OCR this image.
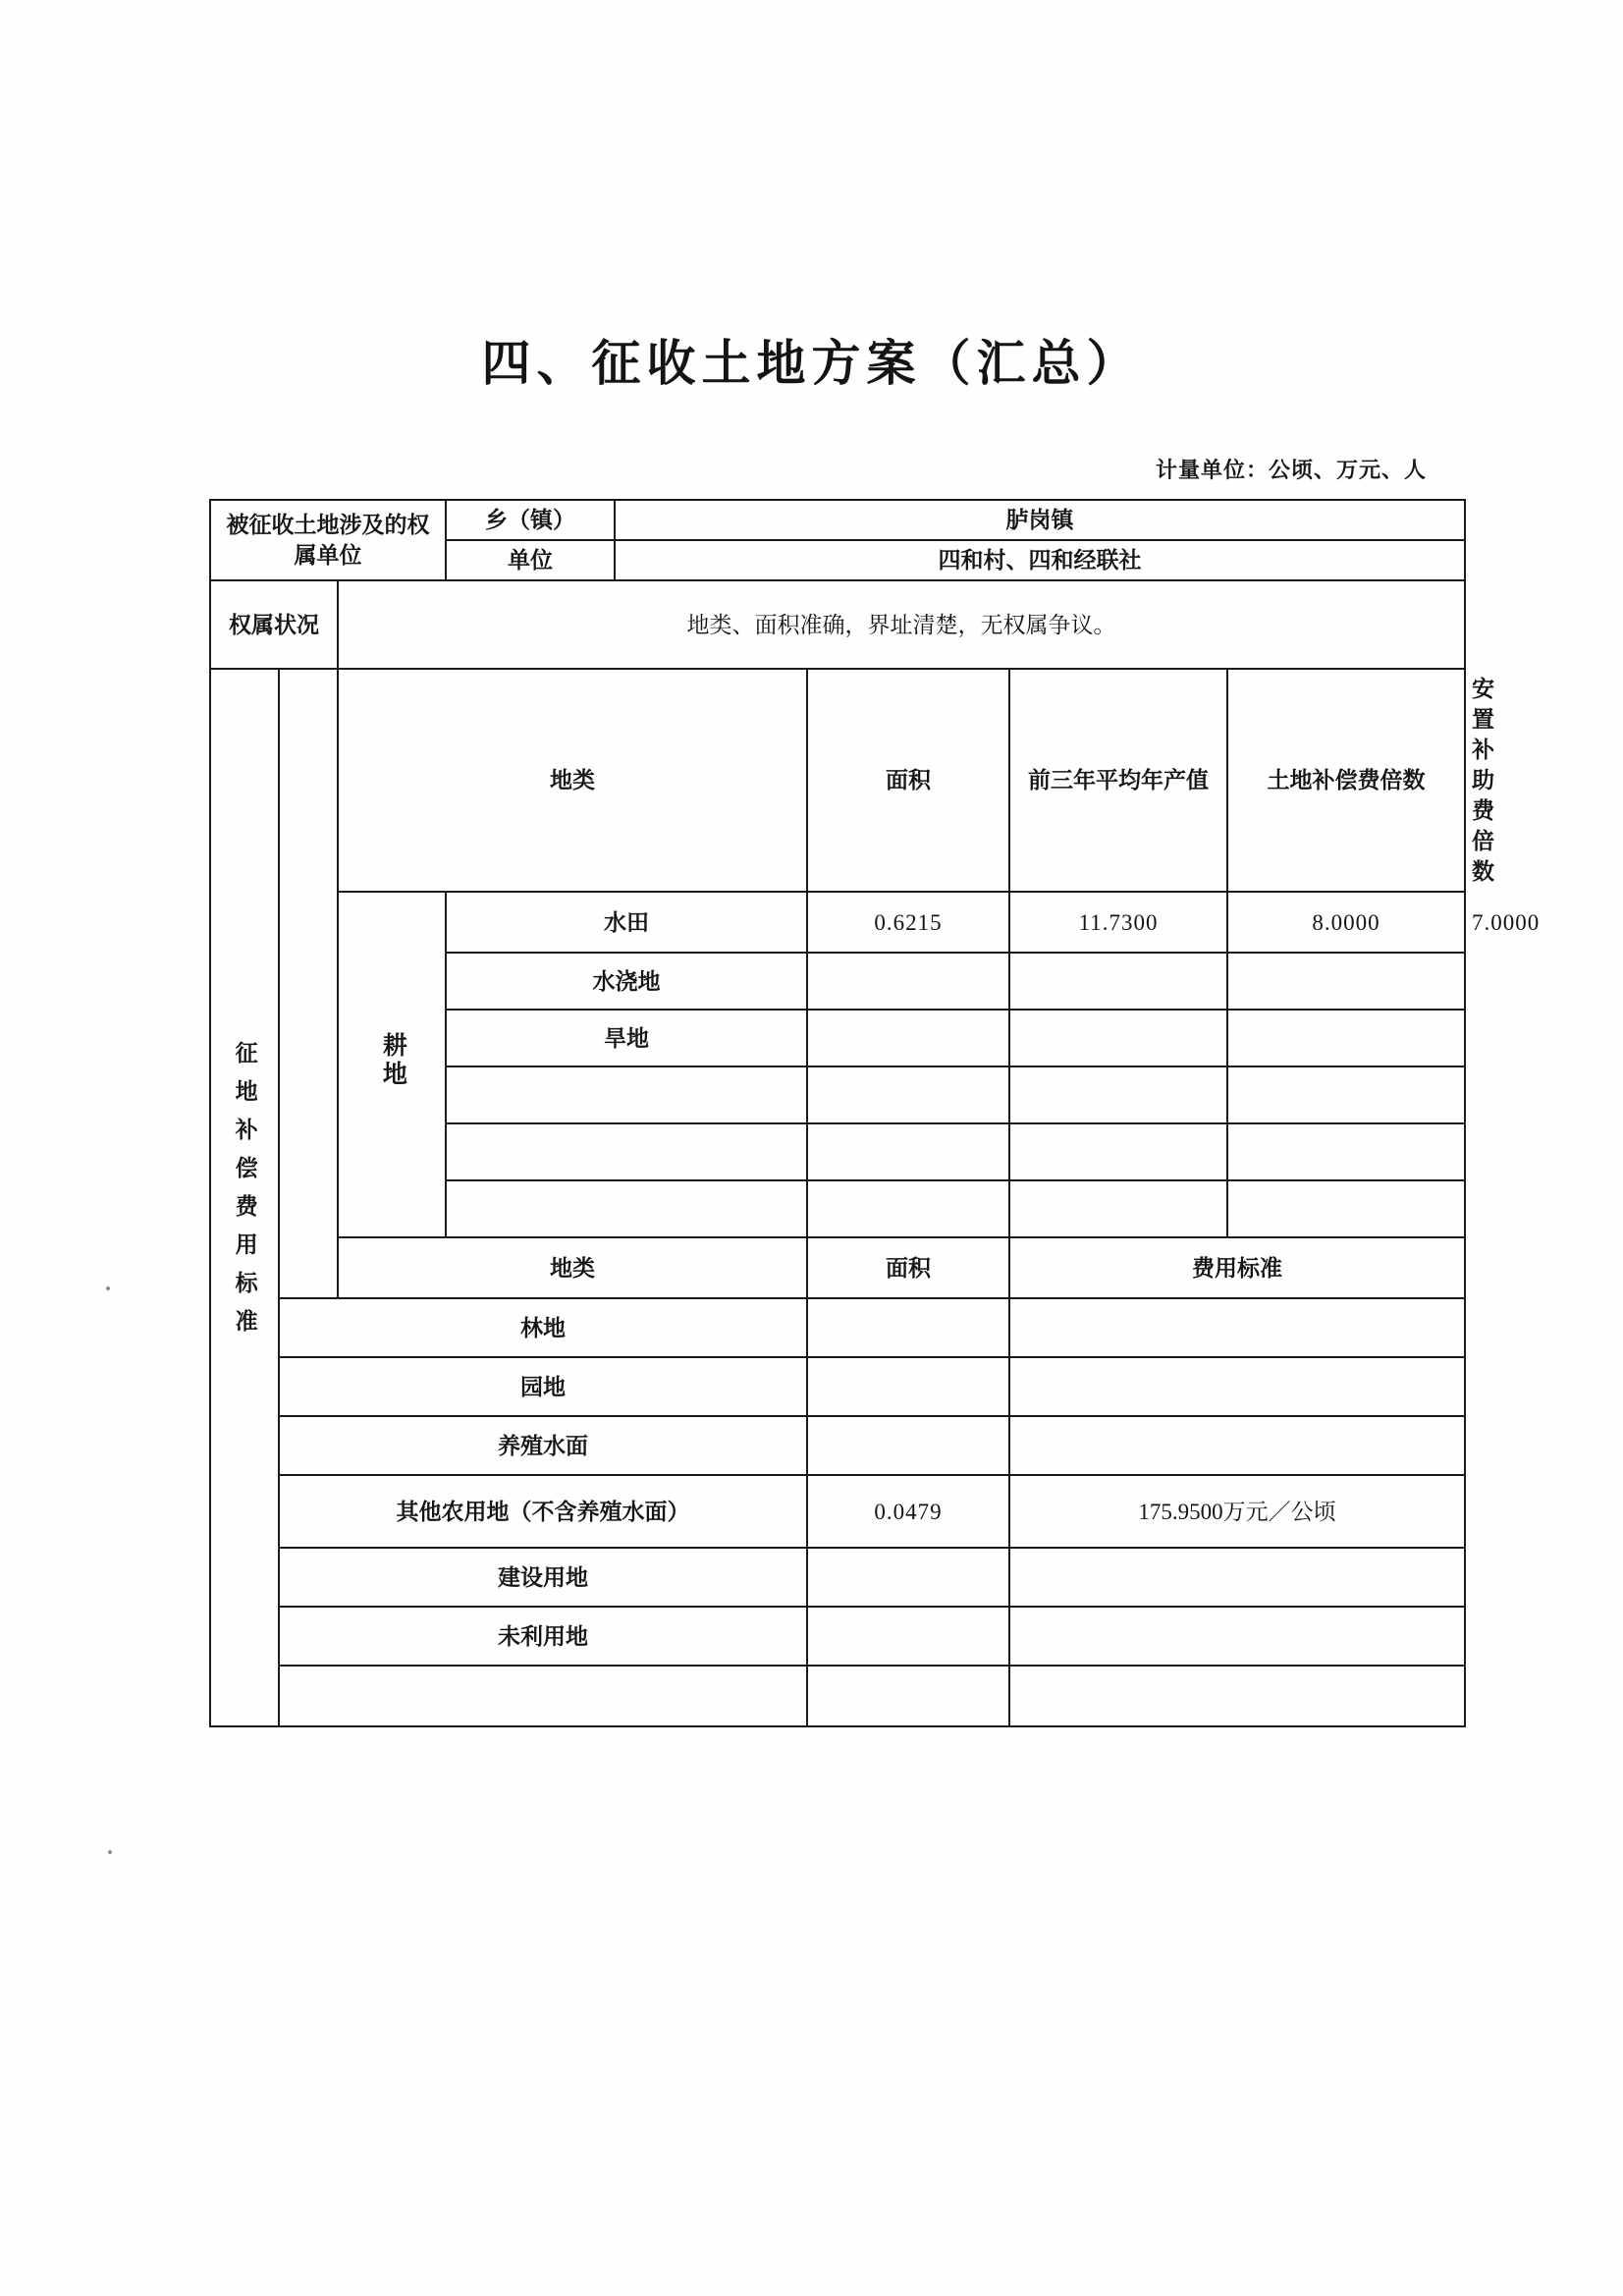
四、征收土地方案（汇总）
计量单位：公顷、万元、人
被征收土地涉及的权属单位			乡（镇）	胪岗镇				
			单位	四和村、四和经联社				
权属状况		地类、面积准确，界址清楚，无权属争议。						
征地补偿费用标准		地类			面积	前三年平均年产值	土地补偿费倍数	安置补助费倍数
		耕地	水田		0.6215	11.7300	8.0000	7.0000
			水浇地					
			旱地					

		地类			面积	费用标准		
	林地							
	园地							
	养殖水面							
	其他农用地（不含养殖水面）				0.0479	175.9500万元／公顷		
	建设用地							
	未利用地							
